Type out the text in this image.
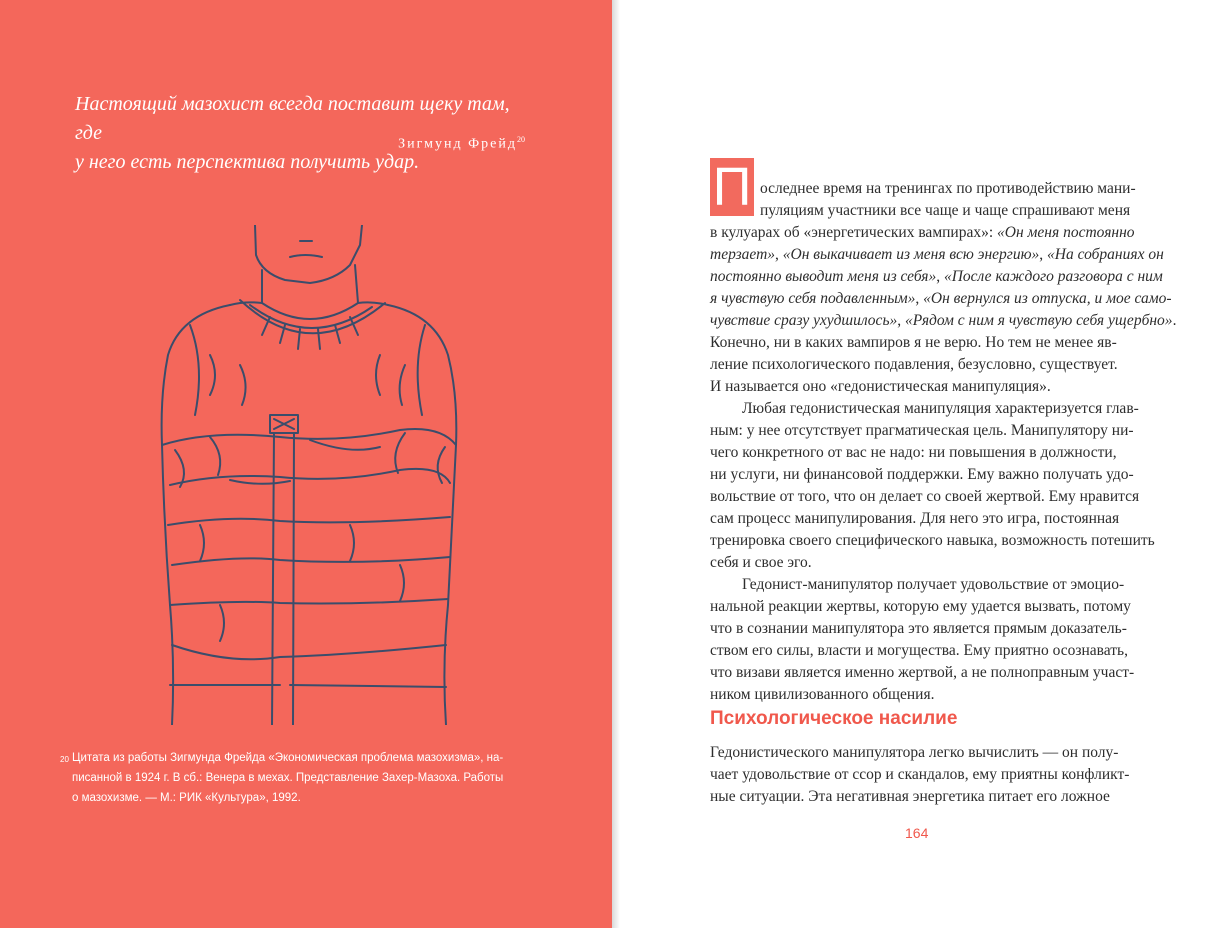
Настоящий мазохист всегда поставит щеку там, где
у него есть перспектива получить удар.
Зигмунд Фрейд$^{20}$
20 Цитата из работы Зигмунда Фрейда «Экономическая проблема мазохизма», на-
писанной в 1924 г. В сб.: Венера в мехах. Представление Захер-Мазоха. Работы
о мазохизме. — М.: РИК «Культура», 1992.
П оследнее время на тренингах по противодействию мани-
пуляциям участники все чаще и чаще спрашивают меня
в кулуарах об «энергетических вампирах»: «Он меня постоянно
терзает», «Он выкачивает из меня всю энергию», «На собраниях он
постоянно выводит меня из себя», «После каждого разговора с ним
я чувствую себя подавленным», «Он вернулся из отпуска, и мое само-
чувствие сразу ухудшилось», «Рядом с ним я чувствую себя ущербно».
Конечно, ни в каких вампиров я не верю. Но тем не менее яв-
ление психологического подавления, безусловно, существует.
И называется оно «гедонистическая манипуляция».
Любая гедонистическая манипуляция характеризуется глав-
ным: у нее отсутствует прагматическая цель. Манипулятору ни-
чего конкретного от вас не надо: ни повышения в должности,
ни услуги, ни финансовой поддержки. Ему важно получать удо-
вольствие от того, что он делает со своей жертвой. Ему нравится
сам процесс манипулирования. Для него это игра, постоянная
тренировка своего специфического навыка, возможность потешить
себя и свое эго.
Гедонист-манипулятор получает удовольствие от эмоцио-
нальной реакции жертвы, которую ему удается вызвать, потому
что в сознании манипулятора это является прямым доказатель-
ством его силы, власти и могущества. Ему приятно осознавать,
что визави является именно жертвой, а не полноправным участ-
ником цивилизованного общения.
Психологическое насилие
Гедонистического манипулятора легко вычислить — он полу-
чает удовольствие от ссор и скандалов, ему приятны конфликт-
ные ситуации. Эта негативная энергетика питает его ложное
164
